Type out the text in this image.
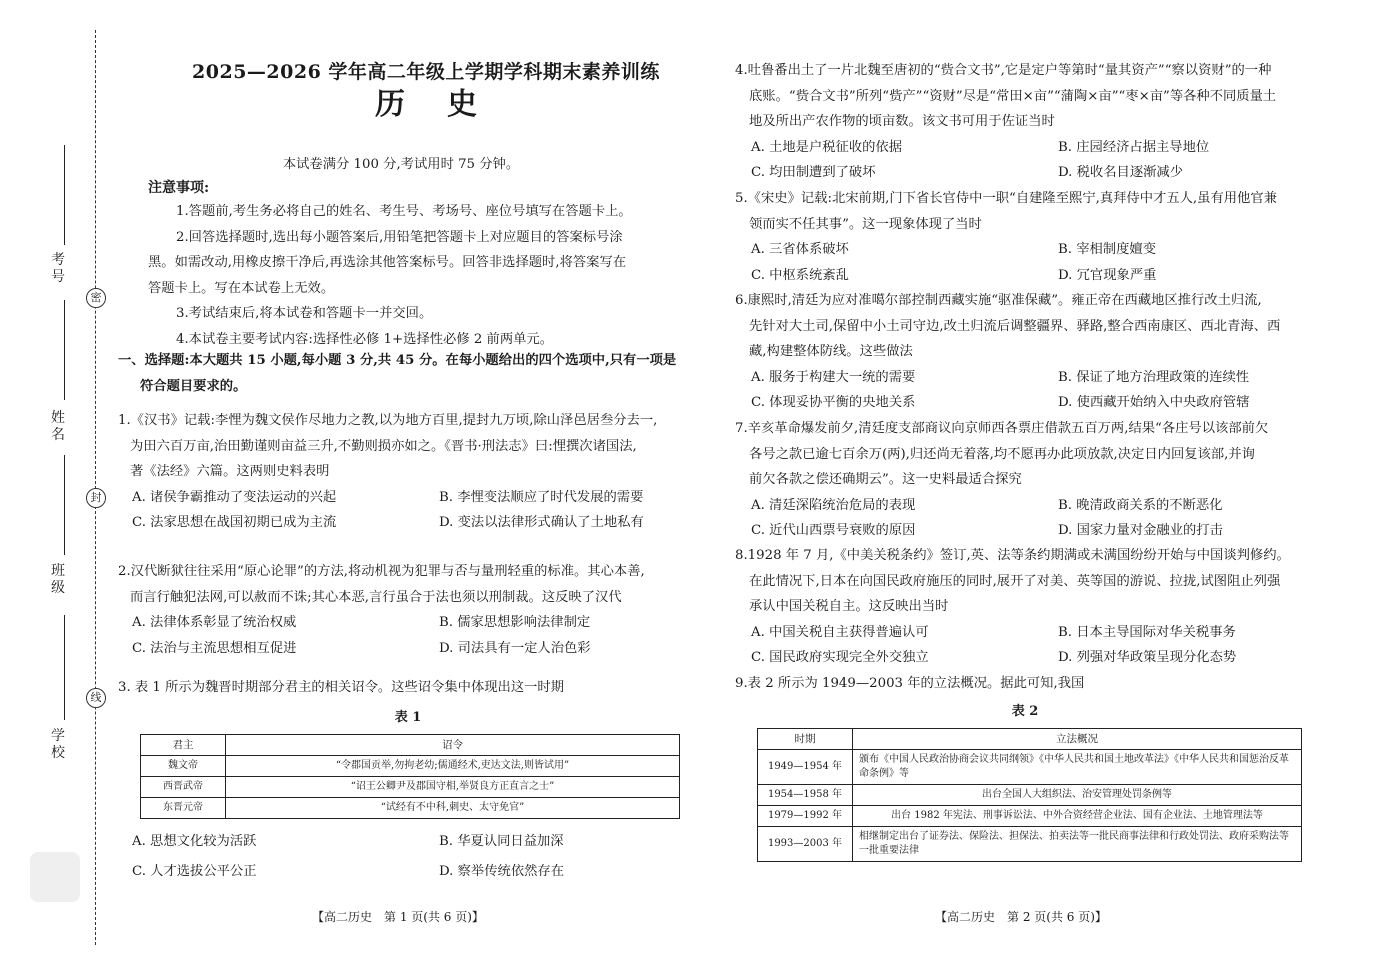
密
封
线
考号
姓名
班级
学校
2025—2026 学年高二年级上学期学科期末素养训练
历史
本试卷满分 100 分,考试用时 75 分钟。
注意事项:
1.答题前,考生务必将自己的姓名、考生号、考场号、座位号填写在答题卡上。
2.回答选择题时,选出每小题答案后,用铅笔把答题卡上对应题目的答案标号涂
黑。如需改动,用橡皮擦干净后,再选涂其他答案标号。回答非选择题时,将答案写在
答题卡上。写在本试卷上无效。
3.考试结束后,将本试卷和答题卡一并交回。
4.本试卷主要考试内容:选择性必修 1+选择性必修 2 前两单元。
一、选择题:本大题共 15 小题,每小题 3 分,共 45 分。在每小题给出的四个选项中,只有一项是
符合题目要求的。
1.《汉书》记载:李悝为魏文侯作尽地力之教,以为地方百里,提封九万顷,除山泽邑居叁分去一,
为田六百万亩,治田勤谨则亩益三升,不勤则损亦如之。《晋书·刑法志》曰:悝撰次诸国法,
著《法经》六篇。这两则史料表明
A. 诸侯争霸推动了变法运动的兴起	B. 李悝变法顺应了时代发展的需要
C. 法家思想在战国初期已成为主流	D. 变法以法律形式确认了土地私有
2.汉代断狱往往采用“原心论罪”的方法,将动机视为犯罪与否与量刑轻重的标准。其心本善,
而言行触犯法网,可以赦而不诛;其心本恶,言行虽合于法也须以刑制裁。这反映了汉代
A. 法律体系彰显了统治权威	B. 儒家思想影响法律制定
C. 法治与主流思想相互促进	D. 司法具有一定人治色彩
3. 表 1 所示为魏晋时期部分君主的相关诏令。这些诏令集中体现出这一时期
表 1
君主	诏令
魏文帝	“令郡国贡举,勿拘老幼;儒通经术,吏达文法,则皆试用”
西晋武帝	“诏王公卿尹及郡国守相,举贤良方正直言之士”
东晋元帝	“试经有不中科,刺史、太守免官”
A. 思想文化较为活跃	B. 华夏认同日益加深
C. 人才选拔公平公正	D. 察举传统依然存在
【高二历史　第 1 页(共 6 页)】
4.吐鲁番出土了一片北魏至唐初的“赀合文书”,它是定户等第时“量其资产”“察以资财”的一种
底账。“赀合文书”所列“赀产”“资财”尽是“常田×亩”“蒲陶×亩”“枣×亩”等各种不同质量土
地及所出产农作物的顷亩数。该文书可用于佐证当时
A. 土地是户税征收的依据	B. 庄园经济占据主导地位
C. 均田制遭到了破坏	D. 税收名目逐渐减少
5.《宋史》记载:北宋前期,门下省长官侍中一职“自建隆至熙宁,真拜侍中才五人,虽有用他官兼
领而实不任其事”。这一现象体现了当时
A. 三省体系破坏	B. 宰相制度嬗变
C. 中枢系统紊乱	D. 冗官现象严重
6.康熙时,清廷为应对准噶尔部控制西藏实施“驱准保藏”。雍正帝在西藏地区推行改土归流,
先针对大土司,保留中小土司守边,改土归流后调整疆界、驿路,整合西南康区、西北青海、西
藏,构建整体防线。这些做法
A. 服务于构建大一统的需要	B. 保证了地方治理政策的连续性
C. 体现妥协平衡的央地关系	D. 使西藏开始纳入中央政府管辖
7.辛亥革命爆发前夕,清廷度支部商议向京师西各票庄借款五百万两,结果“各庄号以该部前欠
各号之款已逾七百余万(两),归还尚无着落,均不愿再办此项放款,决定日内回复该部,并询
前欠各款之偿还确期云”。这一史料最适合探究
A. 清廷深陷统治危局的表现	B. 晚清政商关系的不断恶化
C. 近代山西票号衰败的原因	D. 国家力量对金融业的打击
8.1928 年 7 月,《中美关税条约》签订,英、法等条约期满或未满国纷纷开始与中国谈判修约。
在此情况下,日本在向国民政府施压的同时,展开了对美、英等国的游说、拉拢,试图阻止列强
承认中国关税自主。这反映出当时
A. 中国关税自主获得普遍认可	B. 日本主导国际对华关税事务
C. 国民政府实现完全外交独立	D. 列强对华政策呈现分化态势
9.表 2 所示为 1949—2003 年的立法概况。据此可知,我国
表 2
时期	立法概况
1949—1954 年	颁布《中国人民政治协商会议共同纲领》《中华人民共和国土地改革法》《中华人民共和国惩治反革命条例》等
1954—1958 年	出台全国人大组织法、治安管理处罚条例等
1979—1992 年	出台 1982 年宪法、刑事诉讼法、中外合资经营企业法、国有企业法、土地管理法等
1993—2003 年	相继制定出台了证券法、保险法、担保法、拍卖法等一批民商事法律和行政处罚法、政府采购法等一批重要法律
【高二历史　第 2 页(共 6 页)】
